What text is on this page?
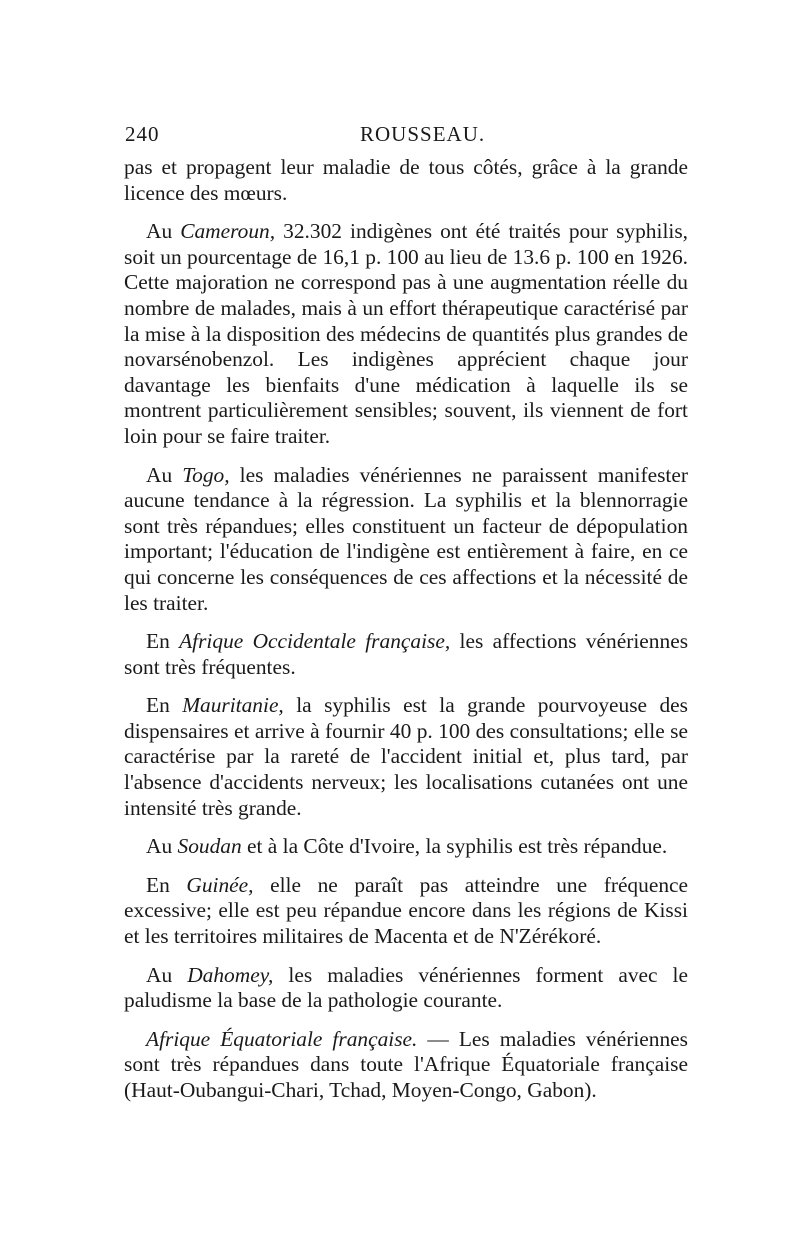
240	ROUSSEAU.

pas et propagent leur maladie de tous côtés, grâce à la grande licence des mœurs.

Au Cameroun, 32.302 indigènes ont été traités pour syphilis, soit un pourcentage de 16,1 p. 100 au lieu de 13.6 p. 100 en 1926. Cette majoration ne correspond pas à une augmentation réelle du nombre de malades, mais à un effort thérapeutique caractérisé par la mise à la disposition des médecins de quantités plus grandes de novarsénobenzol. Les indigènes apprécient chaque jour davantage les bienfaits d'une médication à laquelle ils se montrent particulièrement sensibles; souvent, ils viennent de fort loin pour se faire traiter.

Au Togo, les maladies vénériennes ne paraissent manifester aucune tendance à la régression. La syphilis et la blennorragie sont très répandues; elles constituent un facteur de dépopulation important; l'éducation de l'indigène est entièrement à faire, en ce qui concerne les conséquences de ces affections et la nécessité de les traiter.

En Afrique Occidentale française, les affections vénériennes sont très fréquentes.

En Mauritanie, la syphilis est la grande pourvoyeuse des dispensaires et arrive à fournir 40 p. 100 des consultations; elle se caractérise par la rareté de l'accident initial et, plus tard, par l'absence d'accidents nerveux; les localisations cutanées ont une intensité très grande.

Au Soudan et à la Côte d'Ivoire, la syphilis est très répandue.

En Guinée, elle ne paraît pas atteindre une fréquence excessive; elle est peu répandue encore dans les régions de Kissi et les territoires militaires de Macenta et de N'Zérékoré.

Au Dahomey, les maladies vénériennes forment avec le paludisme la base de la pathologie courante.

Afrique Équatoriale française. — Les maladies vénériennes sont très répandues dans toute l'Afrique Équatoriale française (Haut-Oubangui-Chari, Tchad, Moyen-Congo, Gabon).
